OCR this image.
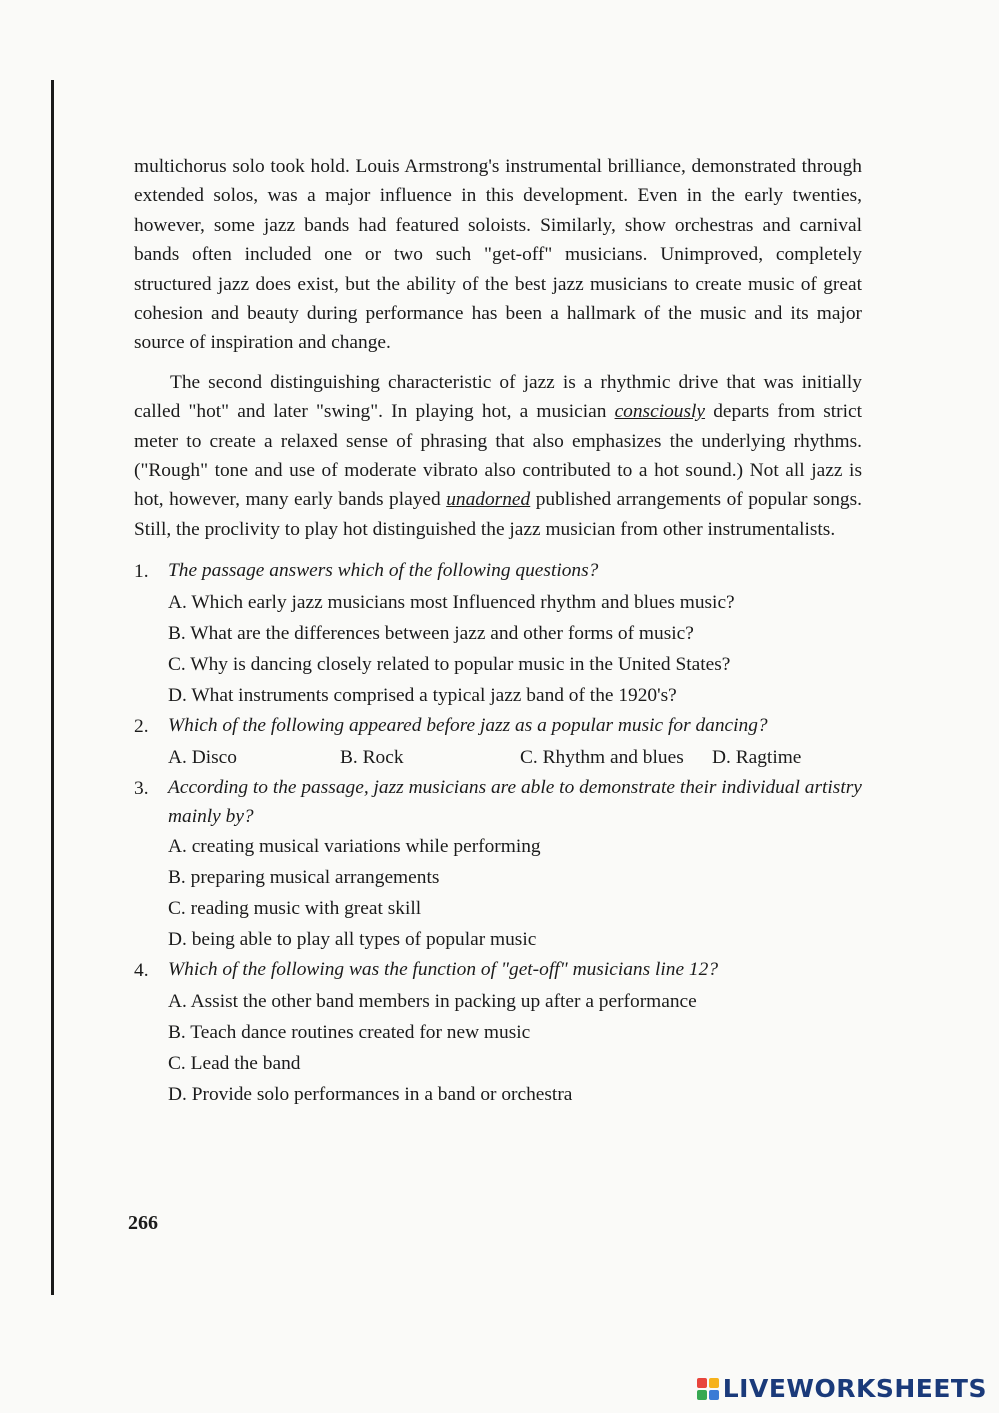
multichorus solo took hold. Louis Armstrong's instrumental brilliance, demonstrated through extended solos, was a major influence in this development. Even in the early twenties, however, some jazz bands had featured soloists. Similarly, show orchestras and carnival bands often included one or two such "get-off" musicians. Unimproved, completely structured jazz does exist, but the ability of the best jazz musicians to create music of great cohesion and beauty during performance has been a hallmark of the music and its major source of inspiration and change.

The second distinguishing characteristic of jazz is a rhythmic drive that was initially called "hot" and later "swing". In playing hot, a musician consciously departs from strict meter to create a relaxed sense of phrasing that also emphasizes the underlying rhythms. ("Rough" tone and use of moderate vibrato also contributed to a hot sound.) Not all jazz is hot, however, many early bands played unadorned published arrangements of popular songs. Still, the proclivity to play hot distinguished the jazz musician from other instrumentalists.

1.	The passage answers which of the following questions?
A. Which early jazz musicians most Influenced rhythm and blues music?
B. What are the differences between jazz and other forms of music?
C. Why is dancing closely related to popular music in the United States?
D. What instruments comprised a typical jazz band of the 1920's?
2.	Which of the following appeared before jazz as a popular music for dancing?
A. Disco	B. Rock	C. Rhythm and blues D. Ragtime
3.	According to the passage, jazz musicians are able to demonstrate their individual artistry mainly by?
A. creating musical variations while performing
B. preparing musical arrangements
C. reading music with great skill
D. being able to play all types of popular music
4.	Which of the following was the function of "get-off" musicians line 12?
A. Assist the other band members in packing up after a performance
B. Teach dance routines created for new music
C. Lead the band
D. Provide solo performances in a band or orchestra
266
LIVEWORKSHEETS
